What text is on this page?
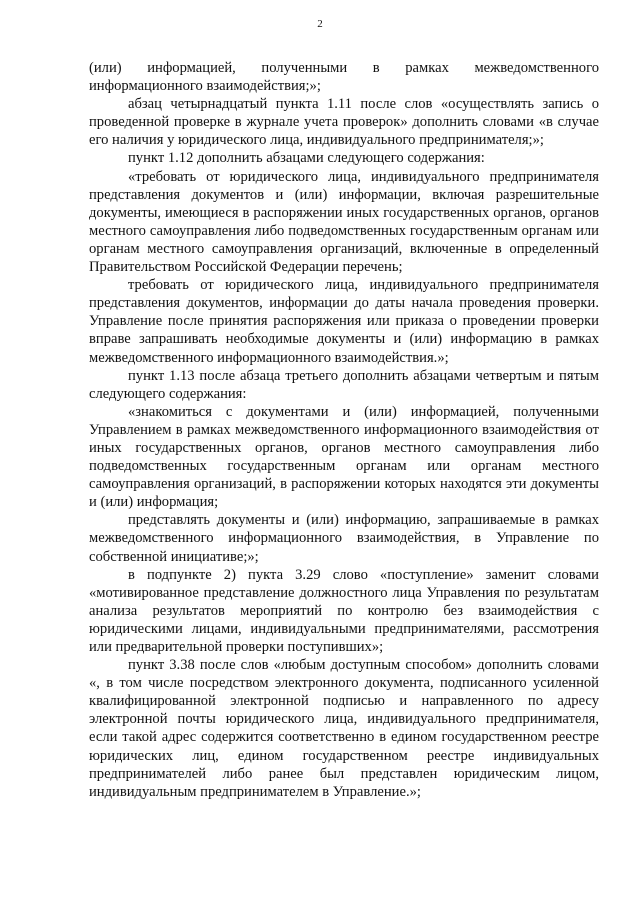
2

(или) информацией, полученными в рамках межведомственного информационного взаимодействия;»;

абзац четырнадцатый пункта 1.11 после слов «осуществлять запись о проведенной проверке в журнале учета проверок» дополнить словами «в случае его наличия у юридического лица, индивидуального предпринимателя;»;

пункт 1.12 дополнить абзацами следующего содержания:

«требовать от юридического лица, индивидуального предпринимателя представления документов и (или) информации, включая разрешительные документы, имеющиеся в распоряжении иных государственных органов, органов местного самоуправления либо подведомственных государственным органам или органам местного самоуправления организаций, включенные в определенный Правительством Российской Федерации перечень;

требовать от юридического лица, индивидуального предпринимателя представления документов, информации до даты начала проведения проверки. Управление после принятия распоряжения или приказа о проведении проверки вправе запрашивать необходимые документы и (или) информацию в рамках межведомственного информационного взаимодействия.»;

пункт 1.13 после абзаца третьего дополнить абзацами четвертым и пятым следующего содержания:

«знакомиться с документами и (или) информацией, полученными Управлением в рамках межведомственного информационного взаимодействия от иных государственных органов, органов местного самоуправления либо подведомственных государственным органам или органам местного самоуправления организаций, в распоряжении которых находятся эти документы и (или) информация;

представлять документы и (или) информацию, запрашиваемые в рамках межведомственного информационного взаимодействия, в Управление по собственной инициативе;»;

в подпункте 2) пукта 3.29 слово «поступление» заменит словами «мотивированное представление должностного лица Управления по результатам анализа результатов мероприятий по контролю без взаимодействия с юридическими лицами, индивидуальными предпринимателями, рассмотрения или предварительной проверки поступивших»;

пункт 3.38 после слов «любым доступным способом» дополнить словами «, в том числе посредством электронного документа, подписанного усиленной квалифицированной электронной подписью и направленного по адресу электронной почты юридического лица, индивидуального предпринимателя, если такой адрес содержится соответственно в едином государственном реестре юридических лиц, едином государственном реестре индивидуальных предпринимателей либо ранее был представлен юридическим лицом, индивидуальным предпринимателем в Управление.»;
